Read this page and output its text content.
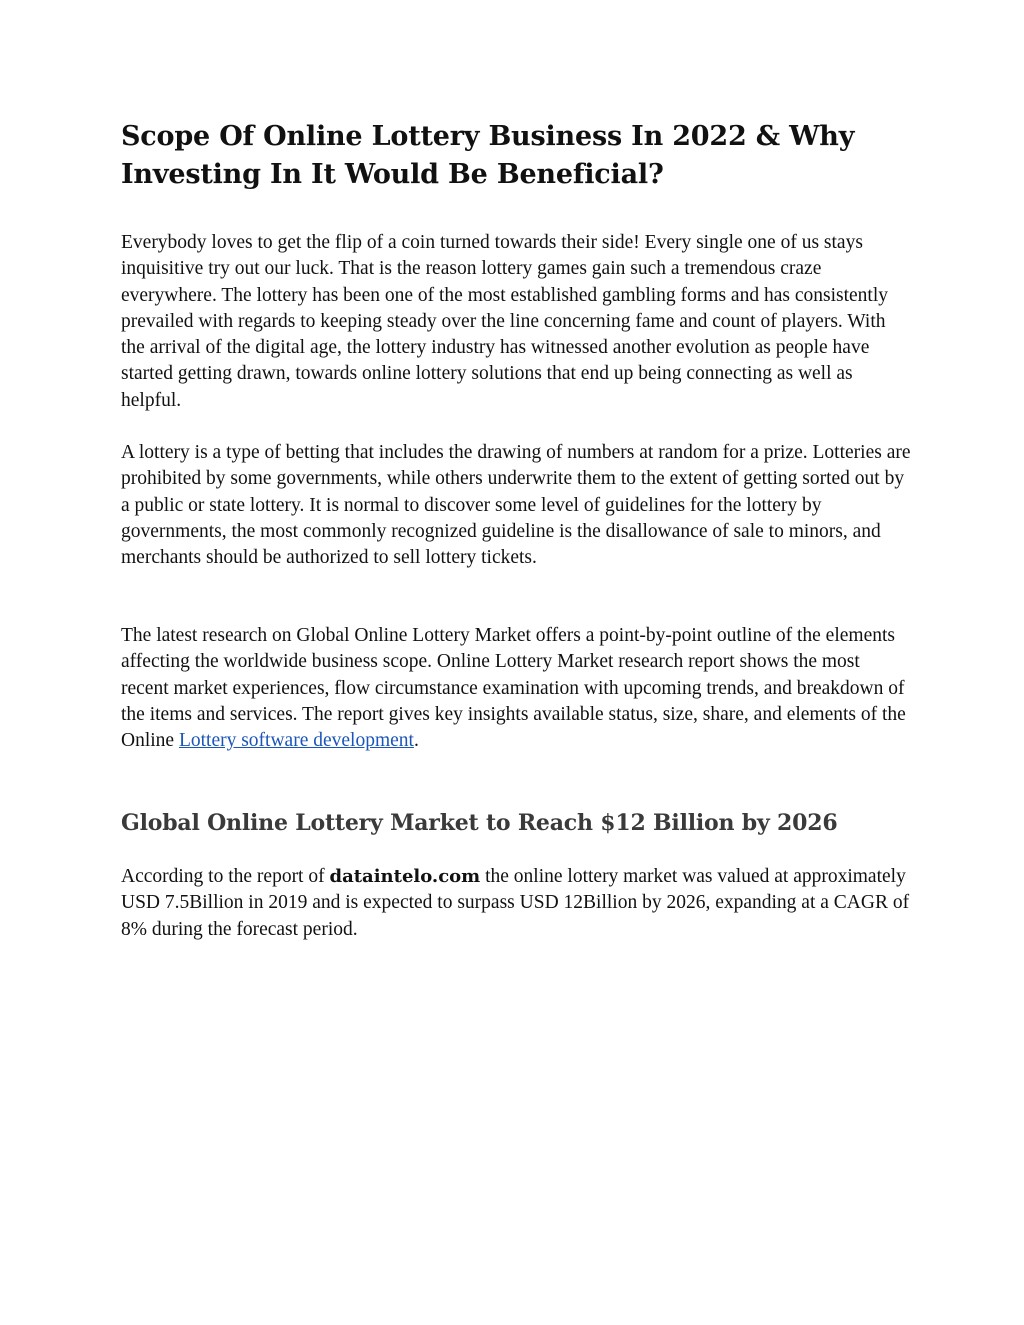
Scope Of Online Lottery Business In 2022 & Why
Investing In It Would Be Beneficial?

Everybody loves to get the flip of a coin turned towards their side! Every single one of us stays inquisitive try out our luck. That is the reason lottery games gain such a tremendous craze everywhere. The lottery has been one of the most established gambling forms and has consistently prevailed with regards to keeping steady over the line concerning fame and count of players. With the arrival of the digital age, the lottery industry has witnessed another evolution as people have started getting drawn, towards online lottery solutions that end up being connecting as well as helpful.

A lottery is a type of betting that includes the drawing of numbers at random for a prize. Lotteries are prohibited by some governments, while others underwrite them to the extent of getting sorted out by a public or state lottery. It is normal to discover some level of guidelines for the lottery by governments, the most commonly recognized guideline is the disallowance of sale to minors, and merchants should be authorized to sell lottery tickets.

The latest research on Global Online Lottery Market offers a point-by-point outline of the elements affecting the worldwide business scope. Online Lottery Market research report shows the most recent market experiences, flow circumstance examination with upcoming trends, and breakdown of the items and services. The report gives key insights available status, size, share, and elements of the Online Lottery software development.

Global Online Lottery Market to Reach $12 Billion by 2026

According to the report of dataintelo.com the online lottery market was valued at approximately USD 7.5Billion in 2019 and is expected to surpass USD 12Billion by 2026, expanding at a CAGR of 8% during the forecast period.
